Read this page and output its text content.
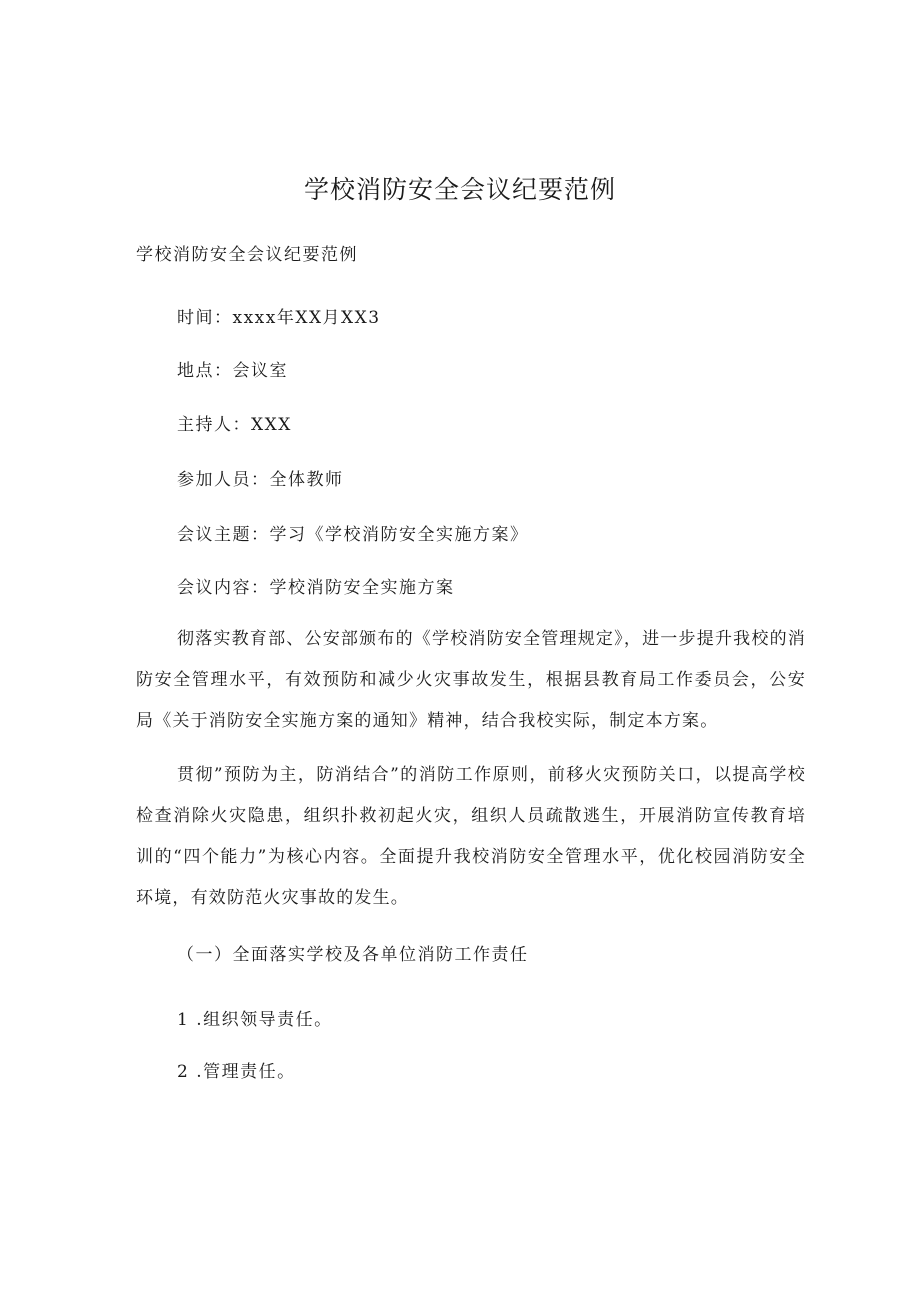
学校消防安全会议纪要范例
学校消防安全会议纪要范例
时间：xxxx年XX月XX3
地点：会议室
主持人：XXX
参加人员：全体教师
会议主题：学习《学校消防安全实施方案》
会议内容：学校消防安全实施方案
彻落实教育部、公安部颁布的《学校消防安全管理规定》，进一步提升我校的消防安全管理水平，有效预防和减少火灾事故发生，根据县教育局工作委员会，公安局《关于消防安全实施方案的通知》精神，结合我校实际，制定本方案。
贯彻”预防为主，防消结合”的消防工作原则，前移火灾预防关口，以提高学校检查消除火灾隐患，组织扑救初起火灾，组织人员疏散逃生，开展消防宣传教育培训的“四个能力”为核心内容。全面提升我校消防安全管理水平，优化校园消防安全环境，有效防范火灾事故的发生。
（一）全面落实学校及各单位消防工作责任
1 .组织领导责任。
2 .管理责任。
